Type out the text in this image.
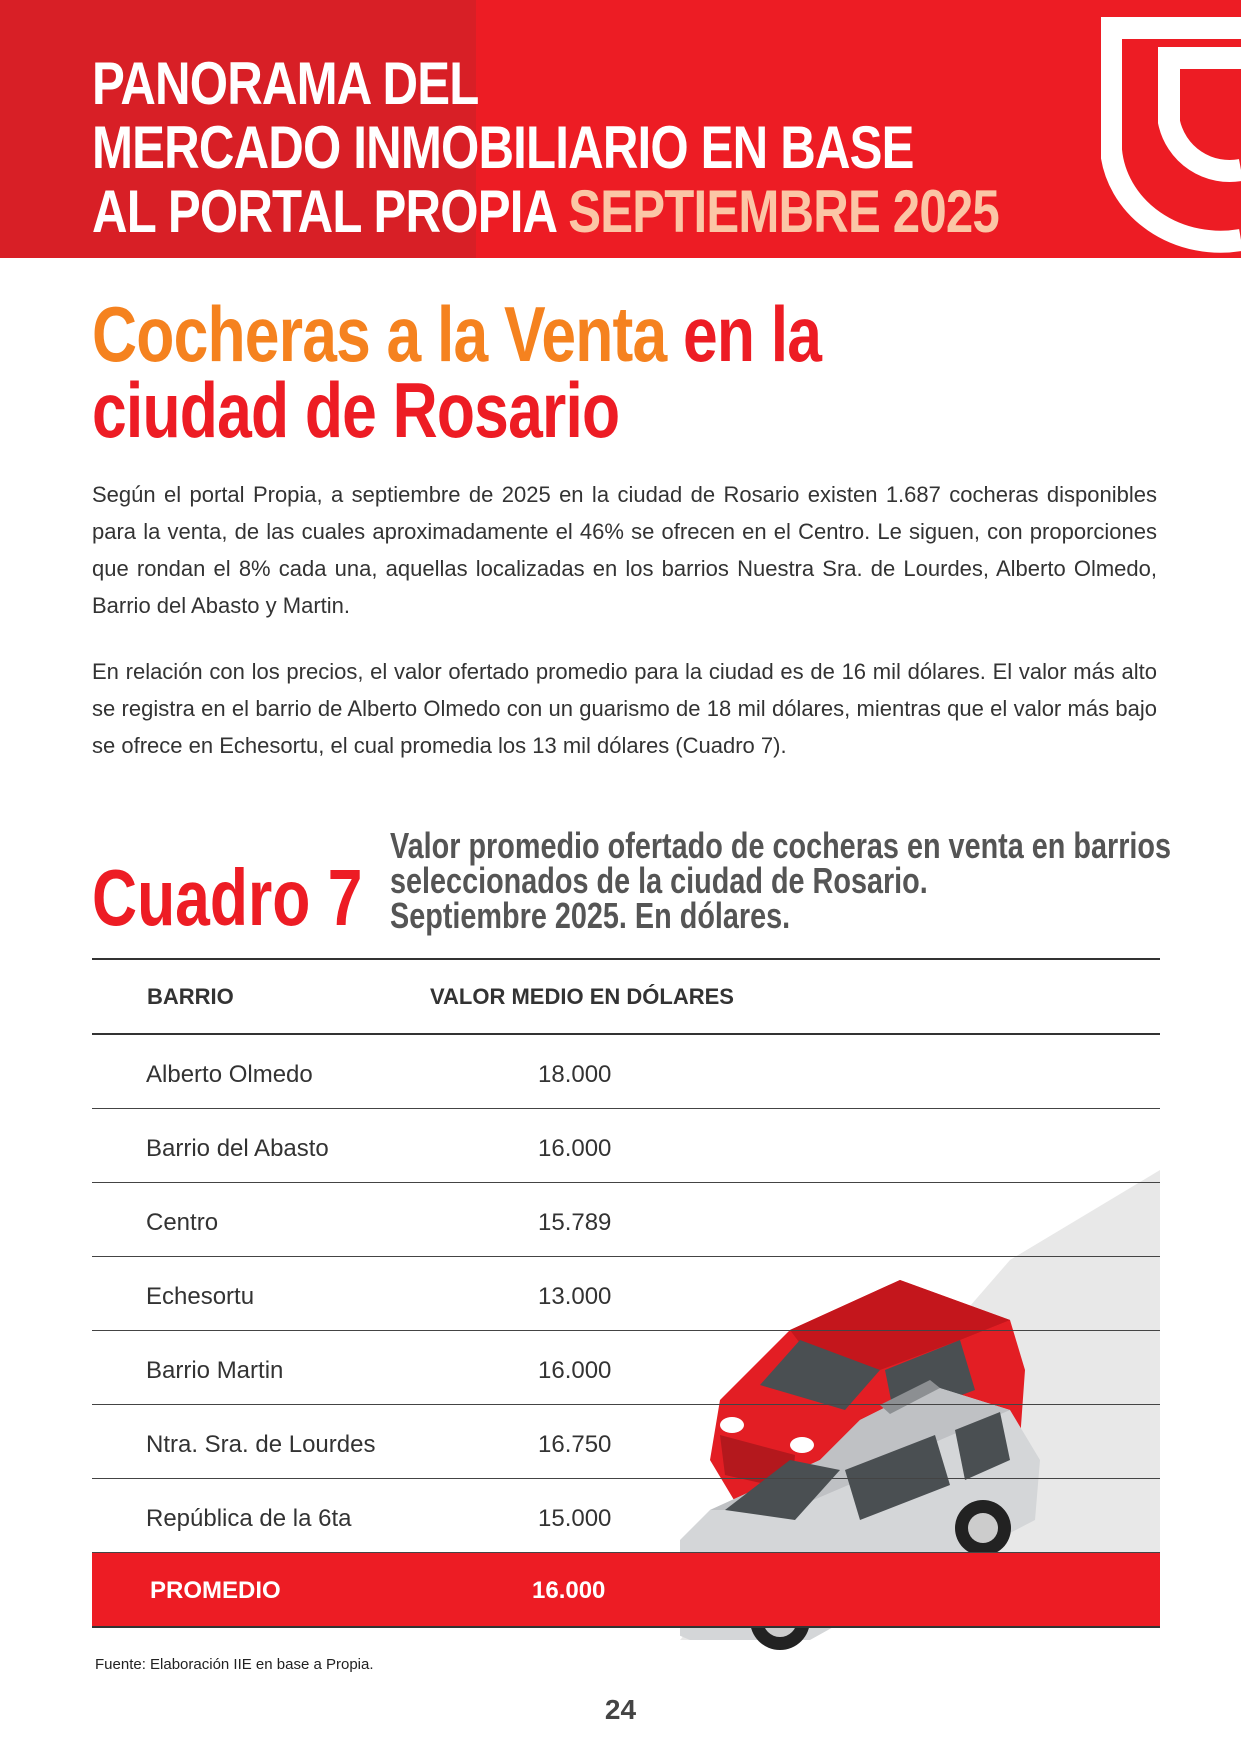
PANORAMA DEL
MERCADO INMOBILIARIO EN BASE
AL PORTAL PROPIA SEPTIEMBRE 2025
Cocheras a la Venta en la
ciudad de Rosario

Según el portal Propia, a septiembre de 2025 en la ciudad de Rosario existen 1.687 cocheras disponibles para la venta, de las cuales aproximadamente el 46% se ofrecen en el Centro. Le siguen, con proporciones que rondan el 8% cada una, aquellas localizadas en los barrios Nuestra Sra. de Lourdes, Alberto Olmedo, Barrio del Abasto y Martin.

En relación con los precios, el valor ofertado promedio para la ciudad es de 16 mil dólares. El valor más alto se registra en el barrio de Alberto Olmedo con un guarismo de 18 mil dólares, mientras que el valor más bajo se ofrece en Echesortu, el cual promedia los 13 mil dólares (Cuadro 7).

Cuadro 7
Valor promedio ofertado de cocheras en venta en barrios
seleccionados de la ciudad de Rosario.
Septiembre 2025. En dólares.
BARRIO	VALOR MEDIO EN DÓLARES
Alberto Olmedo	18.000
Barrio del Abasto	16.000
Centro	15.789
Echesortu	13.000
Barrio Martin	16.000
Ntra. Sra. de Lourdes	16.750
República de la 6ta	15.000
PROMEDIO	16.000

Fuente: Elaboración IIE en base a Propia.

24
